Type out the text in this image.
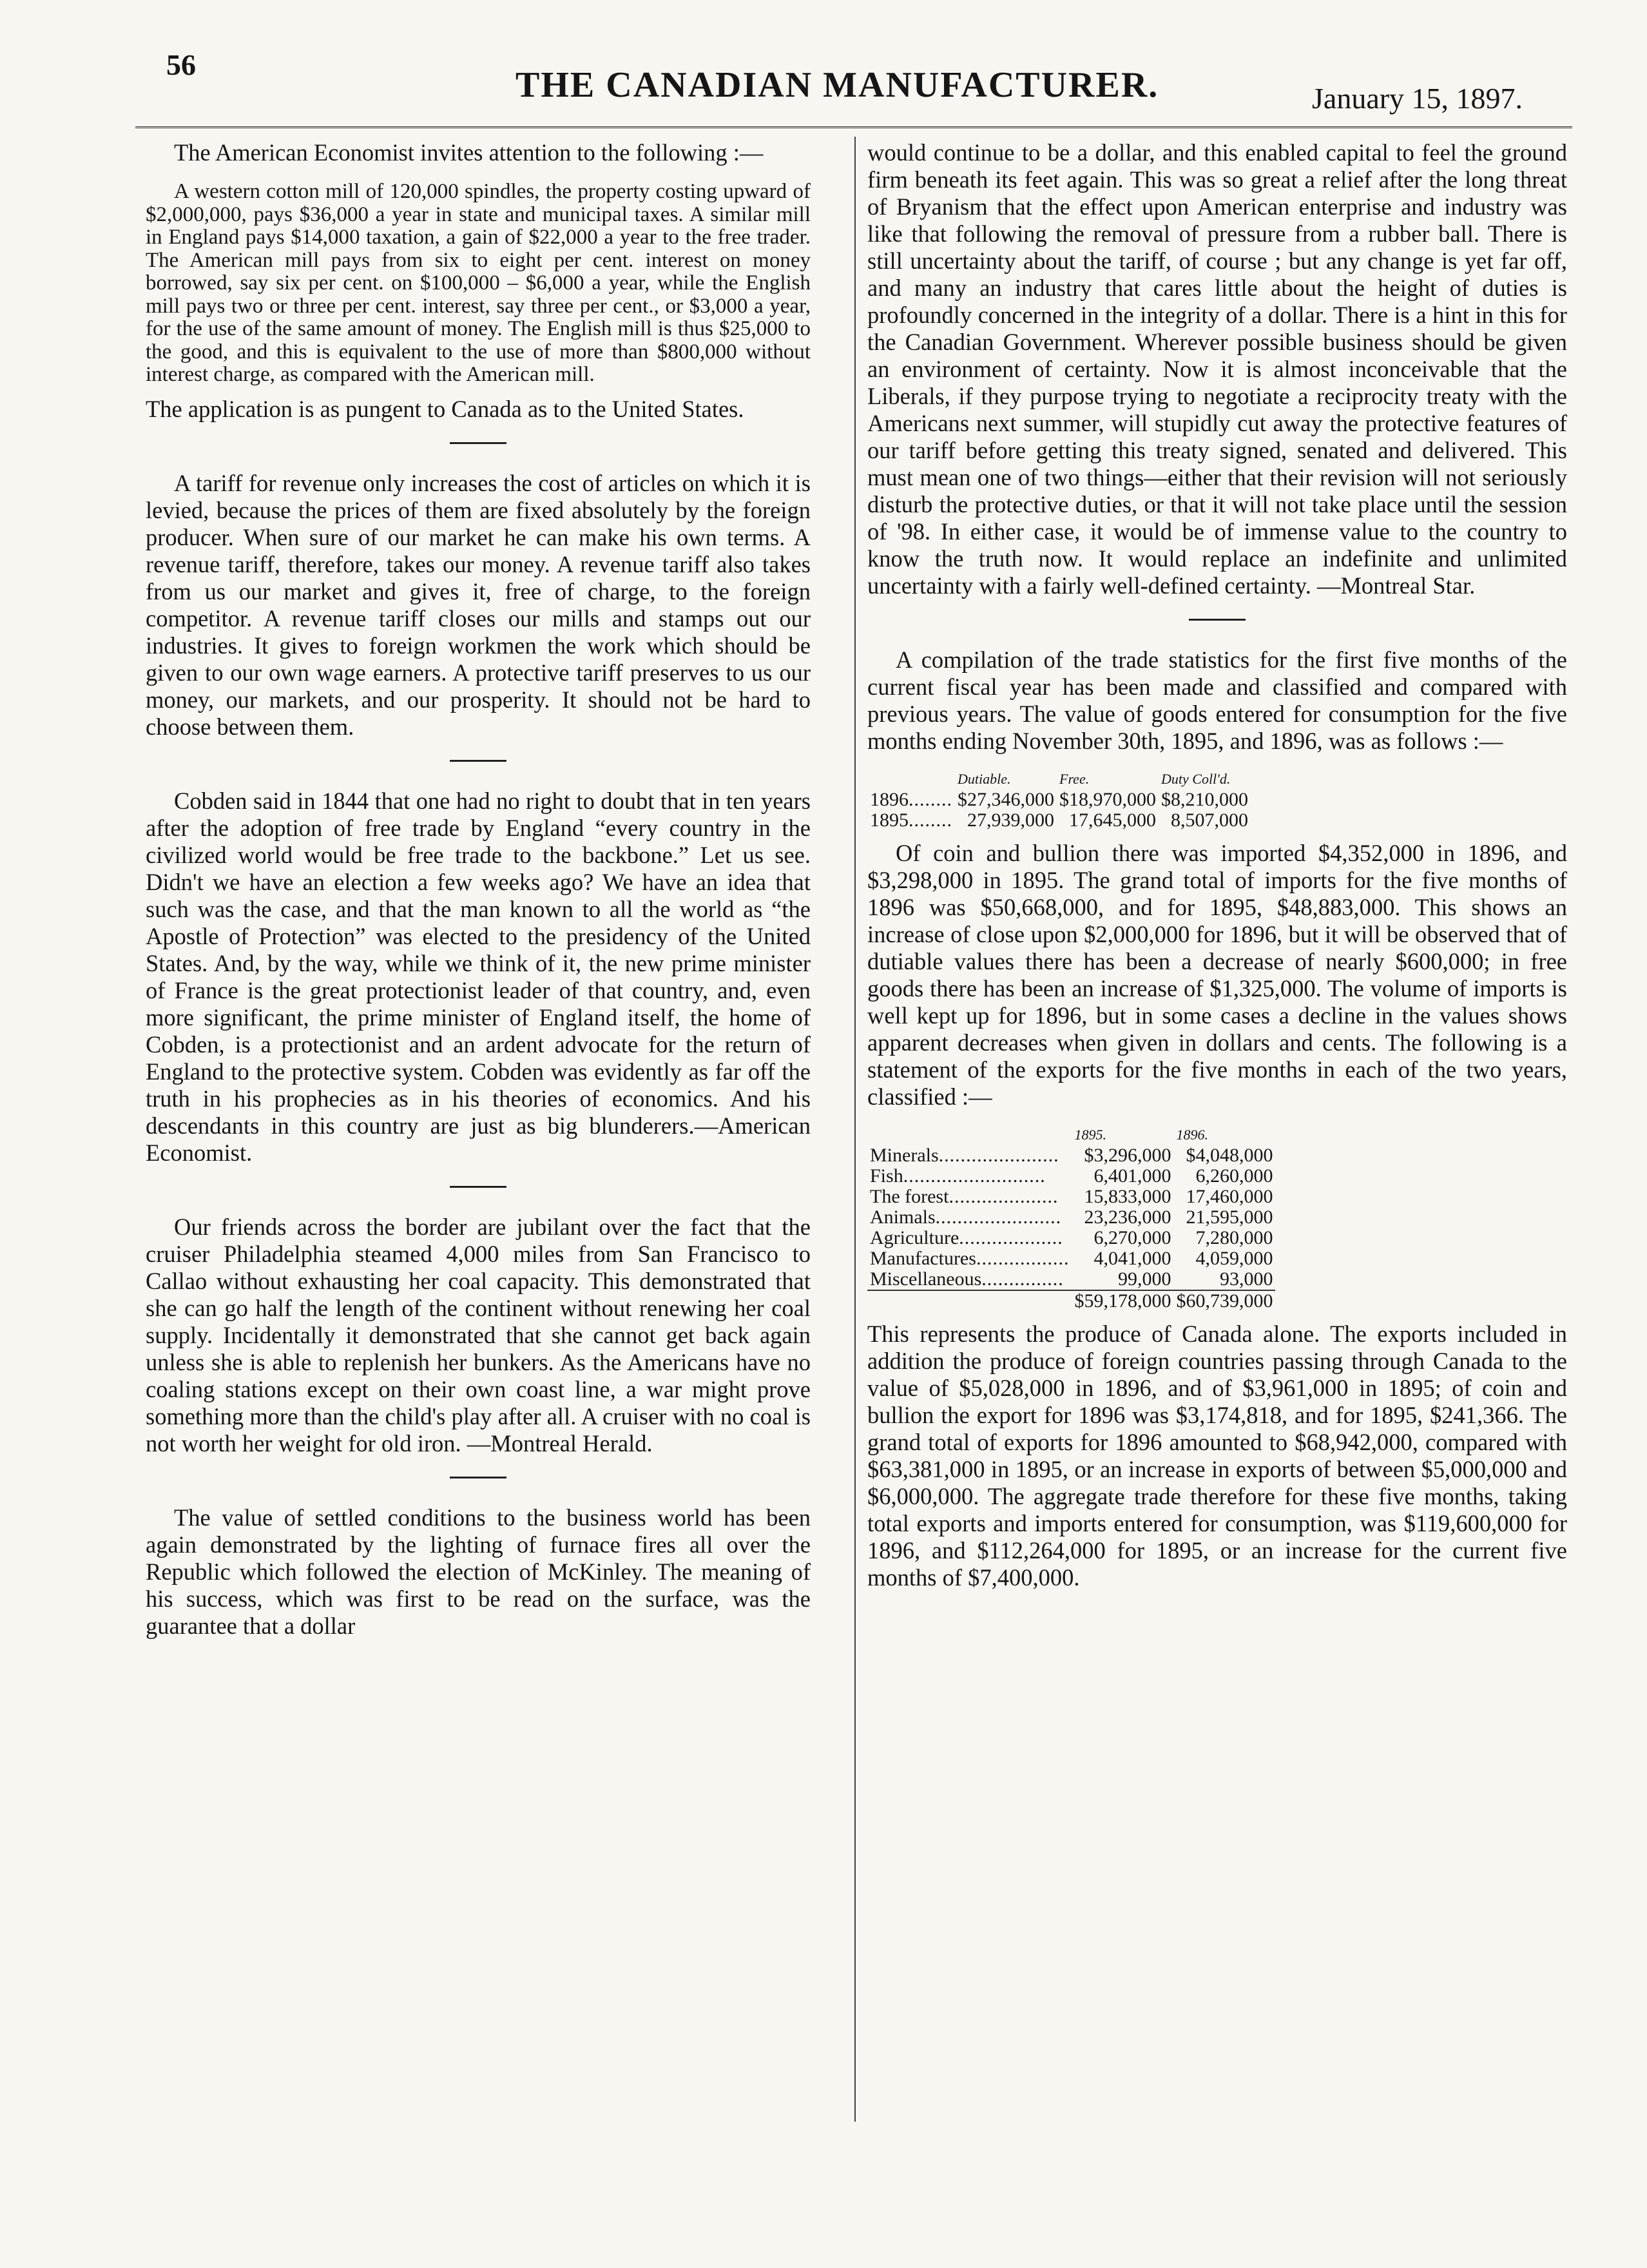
56
THE CANADIAN MANUFACTURER.	January 15, 1897.

The American Economist invites attention to the following :—

A western cotton mill of 120,000 spindles, the property costing upward of $2,000,000, pays $36,000 a year in state and municipal taxes. A similar mill in England pays $14,000 taxation, a gain of $22,000 a year to the free trader. The American mill pays from six to eight per cent. interest on money borrowed, say six per cent. on $100,000 – $6,000 a year, while the English mill pays two or three per cent. interest, say three per cent., or $3,000 a year, for the use of the same amount of money. The English mill is thus $25,000 to the good, and this is equivalent to the use of more than $800,000 without interest charge, as compared with the American mill.

The application is as pungent to Canada as to the United States.

A tariff for revenue only increases the cost of articles on which it is levied, because the prices of them are fixed absolutely by the foreign producer. When sure of our market he can make his own terms. A revenue tariff, therefore, takes our money. A revenue tariff also takes from us our market and gives it, free of charge, to the foreign competitor. A revenue tariff closes our mills and stamps out our industries. It gives to foreign workmen the work which should be given to our own wage earners. A protective tariff preserves to us our money, our markets, and our prosperity. It should not be hard to choose between them.

Cobden said in 1844 that one had no right to doubt that in ten years after the adoption of free trade by England “every country in the civilized world would be free trade to the backbone.” Let us see. Didn't we have an election a few weeks ago? We have an idea that such was the case, and that the man known to all the world as “the Apostle of Protection” was elected to the presidency of the United States. And, by the way, while we think of it, the new prime minister of France is the great protectionist leader of that country, and, even more significant, the prime minister of England itself, the home of Cobden, is a protectionist and an ardent advocate for the return of England to the protective system. Cobden was evidently as far off the truth in his prophecies as in his theories of economics. And his descendants in this country are just as big blunderers.—American Economist.

Our friends across the border are jubilant over the fact that the cruiser Philadelphia steamed 4,000 miles from San Francisco to Callao without exhausting her coal capacity. This demonstrated that she can go half the length of the continent without renewing her coal supply. Incidentally it demonstrated that she cannot get back again unless she is able to replenish her bunkers. As the Americans have no coaling stations except on their own coast line, a war might prove something more than the child's play after all. A cruiser with no coal is not worth her weight for old iron. —Montreal Herald.

The value of settled conditions to the business world has been again demonstrated by the lighting of furnace fires all over the Republic which followed the election of McKinley. The meaning of his success, which was first to be read on the surface, was the guarantee that a dollar

would continue to be a dollar, and this enabled capital to feel the ground firm beneath its feet again. This was so great a relief after the long threat of Bryanism that the effect upon American enterprise and industry was like that following the removal of pressure from a rubber ball. There is still uncertainty about the tariff, of course ; but any change is yet far off, and many an industry that cares little about the height of duties is profoundly concerned in the integrity of a dollar. There is a hint in this for the Canadian Government. Wherever possible business should be given an environment of certainty. Now it is almost inconceivable that the Liberals, if they purpose trying to negotiate a reciprocity treaty with the Americans next summer, will stupidly cut away the protective features of our tariff before getting this treaty signed, senated and delivered. This must mean one of two things—either that their revision will not seriously disturb the protective duties, or that it will not take place until the session of '98. In either case, it would be of immense value to the country to know the truth now. It would replace an indefinite and unlimited uncertainty with a fairly well-defined certainty. —Montreal Star.

A compilation of the trade statistics for the first five months of the current fiscal year has been made and classified and compared with previous years. The value of goods entered for consumption for the five months ending November 30th, 1895, and 1896, was as follows :—

	Dutiable.	Free.	Duty Coll'd.
1896........	$27,346,000	$18,970,000	$8,210,000
1895........	27,939,000	17,645,000	8,507,000

Of coin and bullion there was imported $4,352,000 in 1896, and $3,298,000 in 1895. The grand total of imports for the five months of 1896 was $50,668,000, and for 1895, $48,883,000. This shows an increase of close upon $2,000,000 for 1896, but it will be observed that of dutiable values there has been a decrease of nearly $600,000; in free goods there has been an increase of $1,325,000. The volume of imports is well kept up for 1896, but in some cases a decline in the values shows apparent decreases when given in dollars and cents. The following is a statement of the exports for the five months in each of the two years, classified :—

	1895.	1896.
Minerals......................	$3,296,000	$4,048,000
Fish..........................	6,401,000	6,260,000
The forest....................	15,833,000	17,460,000
Animals.......................	23,236,000	21,595,000
Agriculture...................	6,270,000	7,280,000
Manufactures.................	4,041,000	4,059,000
Miscellaneous...............	99,000	93,000
	$59,178,000	$60,739,000

This represents the produce of Canada alone. The exports included in addition the produce of foreign countries passing through Canada to the value of $5,028,000 in 1896, and of $3,961,000 in 1895; of coin and bullion the export for 1896 was $3,174,818, and for 1895, $241,366. The grand total of exports for 1896 amounted to $68,942,000, compared with $63,381,000 in 1895, or an increase in exports of between $5,000,000 and $6,000,000. The aggregate trade therefore for these five months, taking total exports and imports entered for consumption, was $119,600,000 for 1896, and $112,264,000 for 1895, or an increase for the current five months of $7,400,000.
